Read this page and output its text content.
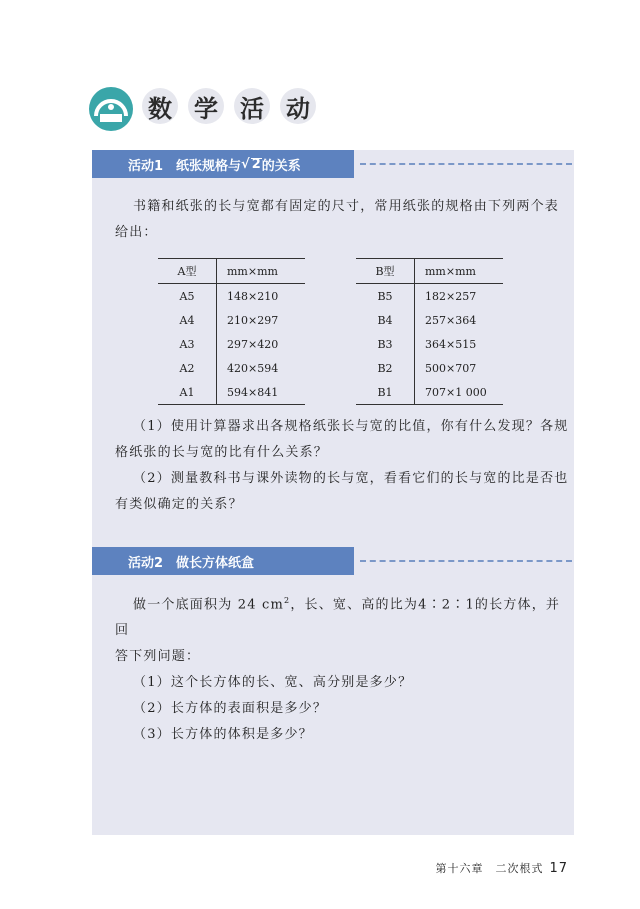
数 学 活 动
活动1　纸张规格与 √ 2 的关系
书籍和纸张的长与宽都有固定的尺寸，常用纸张的规格由下列两个表
给出：
A型	mm×mm
A5	148×210
A4	210×297
A3	297×420
A2	420×594
A1	594×841
B型	mm×mm
B5	182×257
B4	257×364
B3	364×515
B2	500×707
B1	707×1 000
（1）使用计算器求出各规格纸张长与宽的比值，你有什么发现？各规
格纸张的长与宽的比有什么关系？
（2）测量教科书与课外读物的长与宽，看看它们的长与宽的比是否也
有类似确定的关系？
活动2　做长方体纸盒
做一个底面积为 24 $cm^2$，长、宽、高的比为4∶2∶1的长方体，并回
答下列问题：
（1）这个长方体的长、宽、高分别是多少？
（2）长方体的表面积是多少？
（3）长方体的体积是多少？
第十六章　二次根式 17
